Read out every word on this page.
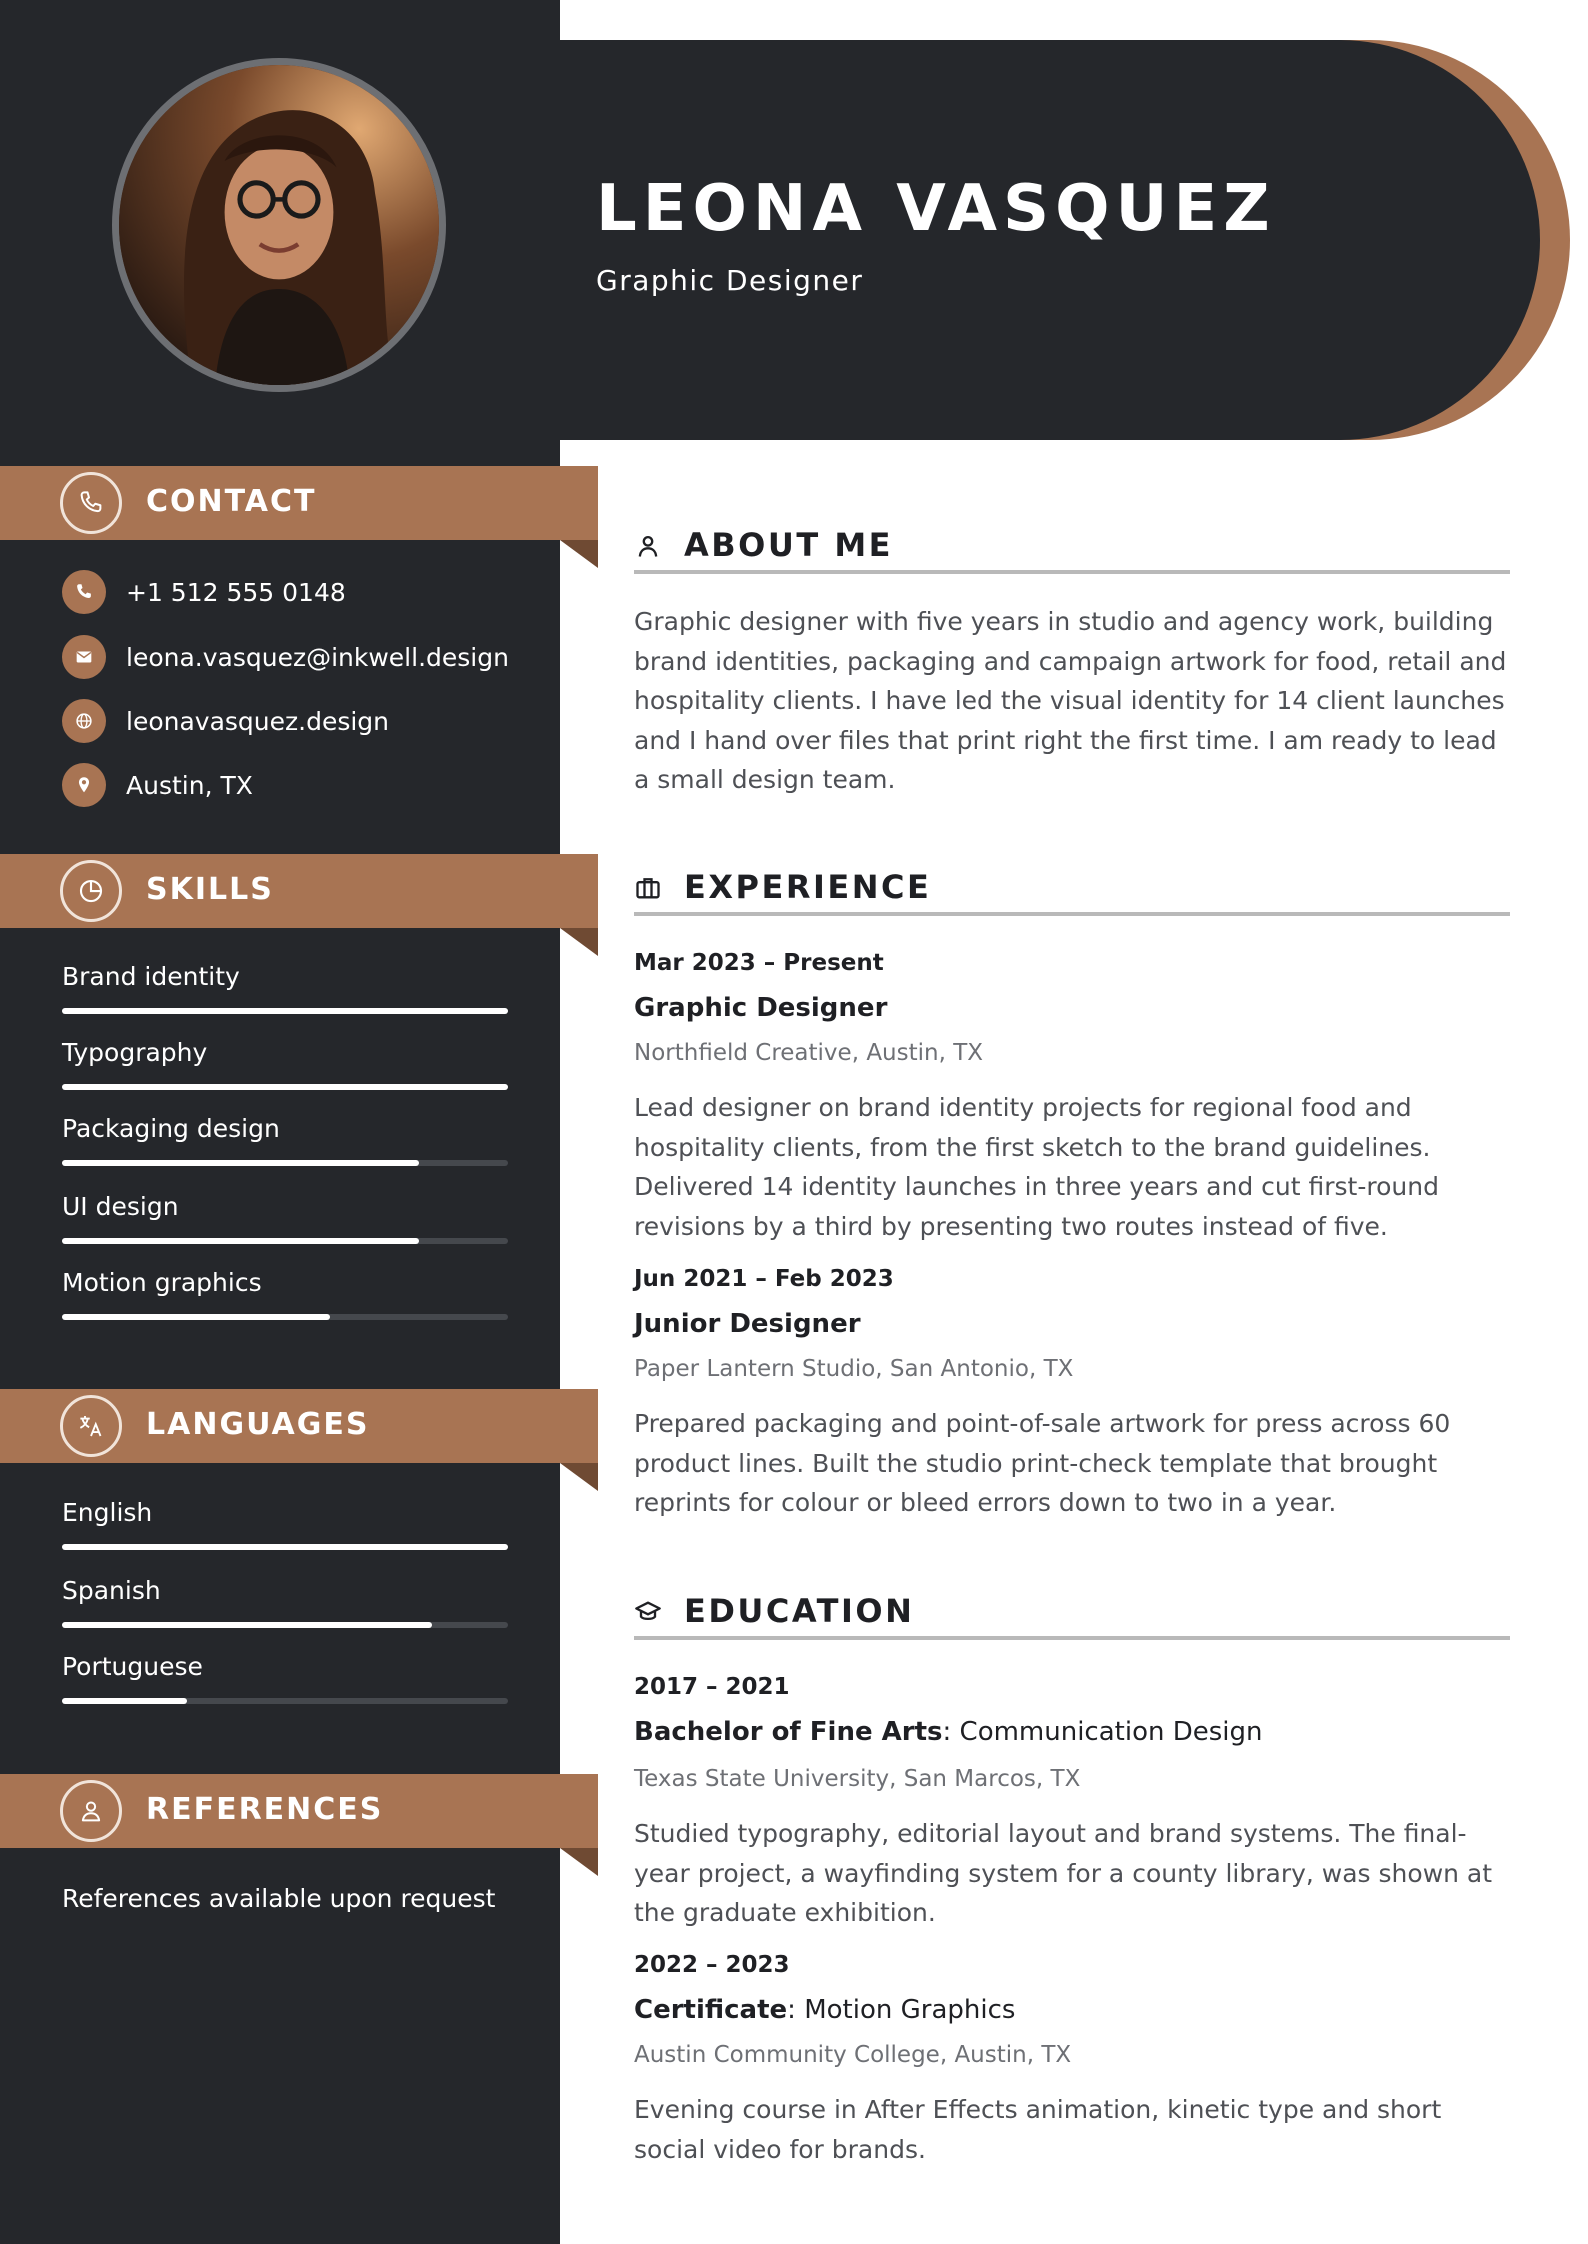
LEONA VASQUEZ
Graphic Designer
CONTACT
+1 512 555 0148
leona.vasquez@inkwell.design
leonavasquez.design
Austin, TX
SKILLS
Brand identity
Typography
Packaging design
UI design
Motion graphics
LANGUAGES
English
Spanish
Portuguese
REFERENCES
References available upon request
ABOUT ME
Graphic designer with five years in studio and agency work, building brand identities, packaging and campaign artwork for food, retail and hospitality clients. I have led the visual identity for 14 client launches and I hand over files that print right the first time. I am ready to lead a small design team.
EXPERIENCE
Mar 2023 – Present
Graphic Designer
Northfield Creative, Austin, TX
Lead designer on brand identity projects for regional food and hospitality clients, from the first sketch to the brand guidelines. Delivered 14 identity launches in three years and cut first-round revisions by a third by presenting two routes instead of five.
Jun 2021 – Feb 2023
Junior Designer
Paper Lantern Studio, San Antonio, TX
Prepared packaging and point-of-sale artwork for press across 60 product lines. Built the studio print-check template that brought reprints for colour or bleed errors down to two in a year.
EDUCATION
2017 – 2021
Bachelor of Fine Arts: Communication Design
Texas State University, San Marcos, TX
Studied typography, editorial layout and brand systems. The final-year project, a wayfinding system for a county library, was shown at the graduate exhibition.
2022 – 2023
Certificate: Motion Graphics
Austin Community College, Austin, TX
Evening course in After Effects animation, kinetic type and short social video for brands.
